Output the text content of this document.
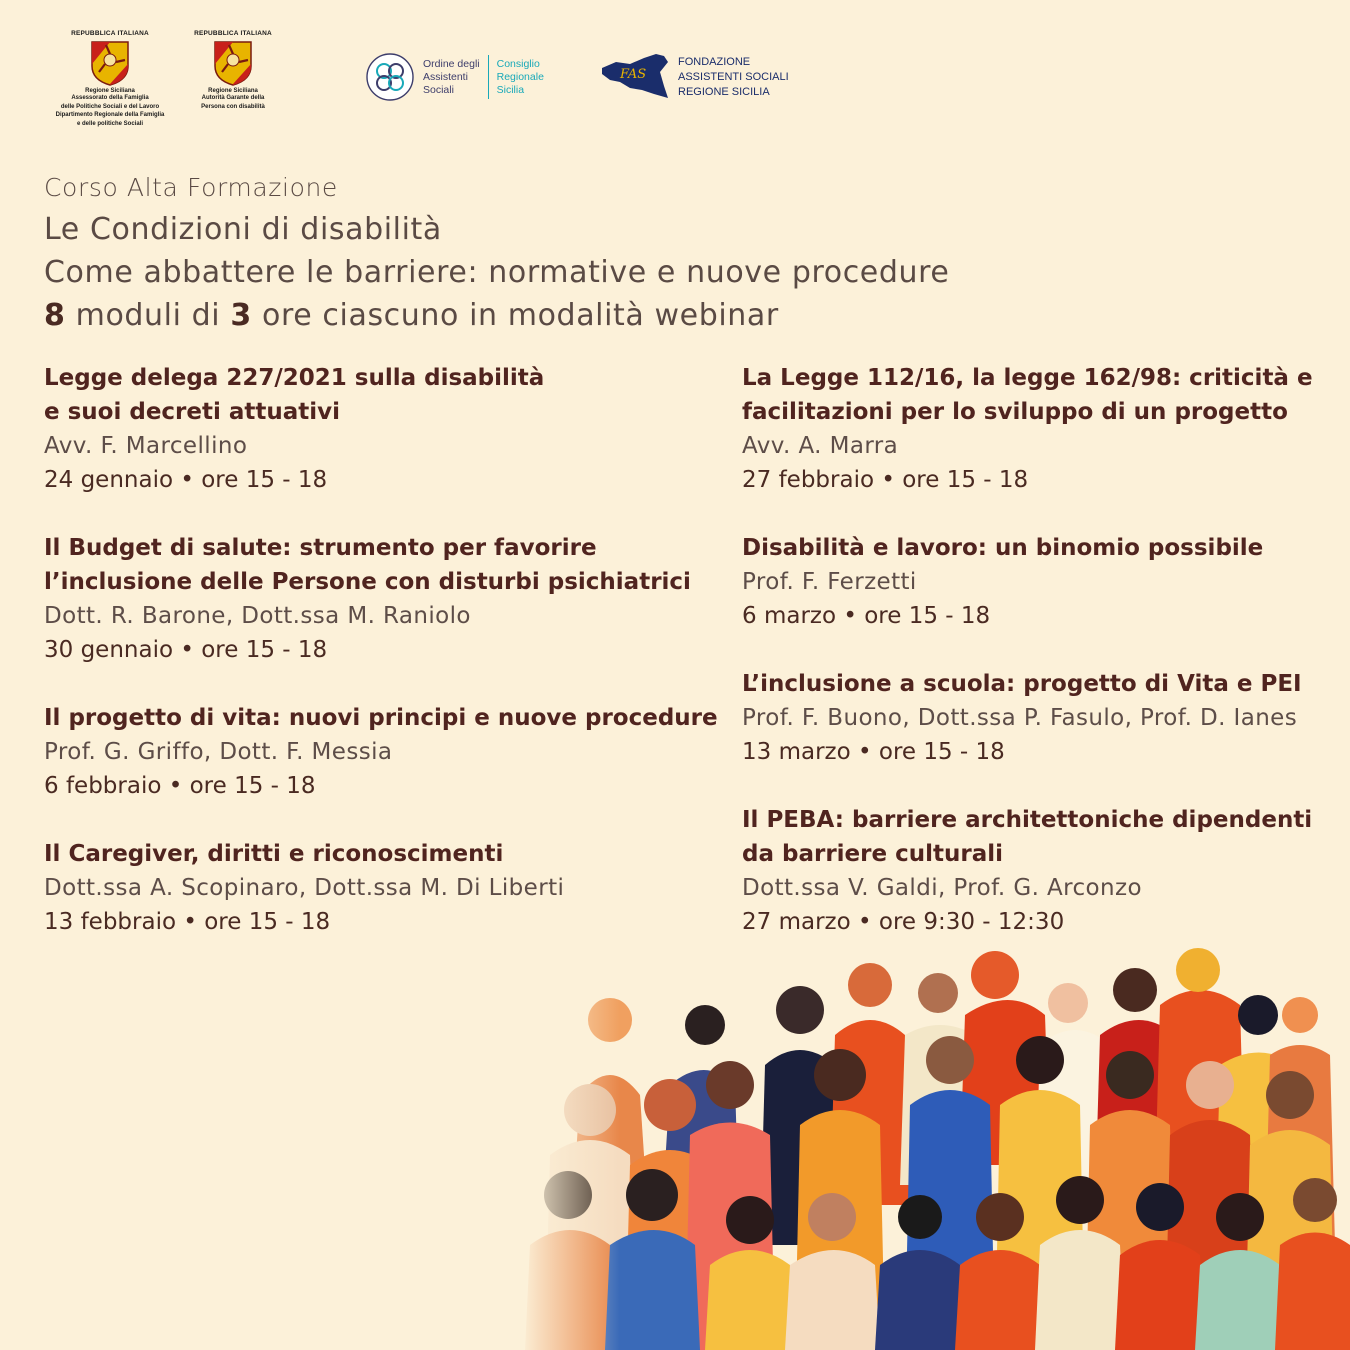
REPUBBLICA ITALIANA
Regione Siciliana
Assessorato della Famiglia
delle Politiche Sociali e del Lavoro
Dipartimento Regionale della Famiglia
e delle politiche Sociali
REPUBBLICA ITALIANA
Regione Siciliana
Autorità Garante della
Persona con disabilità
Ordine degli
Assistenti
Sociali
Consiglio
Regionale
Sicilia
FAS
FONDAZIONE
ASSISTENTI SOCIALI
REGIONE SICILIA
Corso Alta Formazione
Le Condizioni di disabilità
Come abbattere le barriere: normative e nuove procedure
8 moduli di 3 ore ciascuno in modalità webinar
Legge delega 227/2021 sulla disabilità
e suoi decreti attuativi
Avv. F. Marcellino
24 gennaio • ore 15 - 18
Il Budget di salute: strumento per favorire
l’inclusione delle Persone con disturbi psichiatrici
Dott. R. Barone, Dott.ssa M. Raniolo
30 gennaio • ore 15 - 18
Il progetto di vita: nuovi principi e nuove procedure
Prof. G. Griffo, Dott. F. Messia
6 febbraio • ore 15 - 18
Il Caregiver, diritti e riconoscimenti
Dott.ssa A. Scopinaro, Dott.ssa M. Di Liberti
13 febbraio • ore 15 - 18
La Legge 112/16, la legge 162/98: criticità e
facilitazioni per lo sviluppo di un progetto
Avv. A. Marra
27 febbraio • ore 15 - 18
Disabilità e lavoro: un binomio possibile
Prof. F. Ferzetti
6 marzo • ore 15 - 18
L’inclusione a scuola: progetto di Vita e PEI
Prof. F. Buono, Dott.ssa P. Fasulo, Prof. D. Ianes
13 marzo • ore 15 - 18
Il PEBA: barriere architettoniche dipendenti
da barriere culturali
Dott.ssa V. Galdi, Prof. G. Arconzo
27 marzo • ore 9:30 - 12:30
